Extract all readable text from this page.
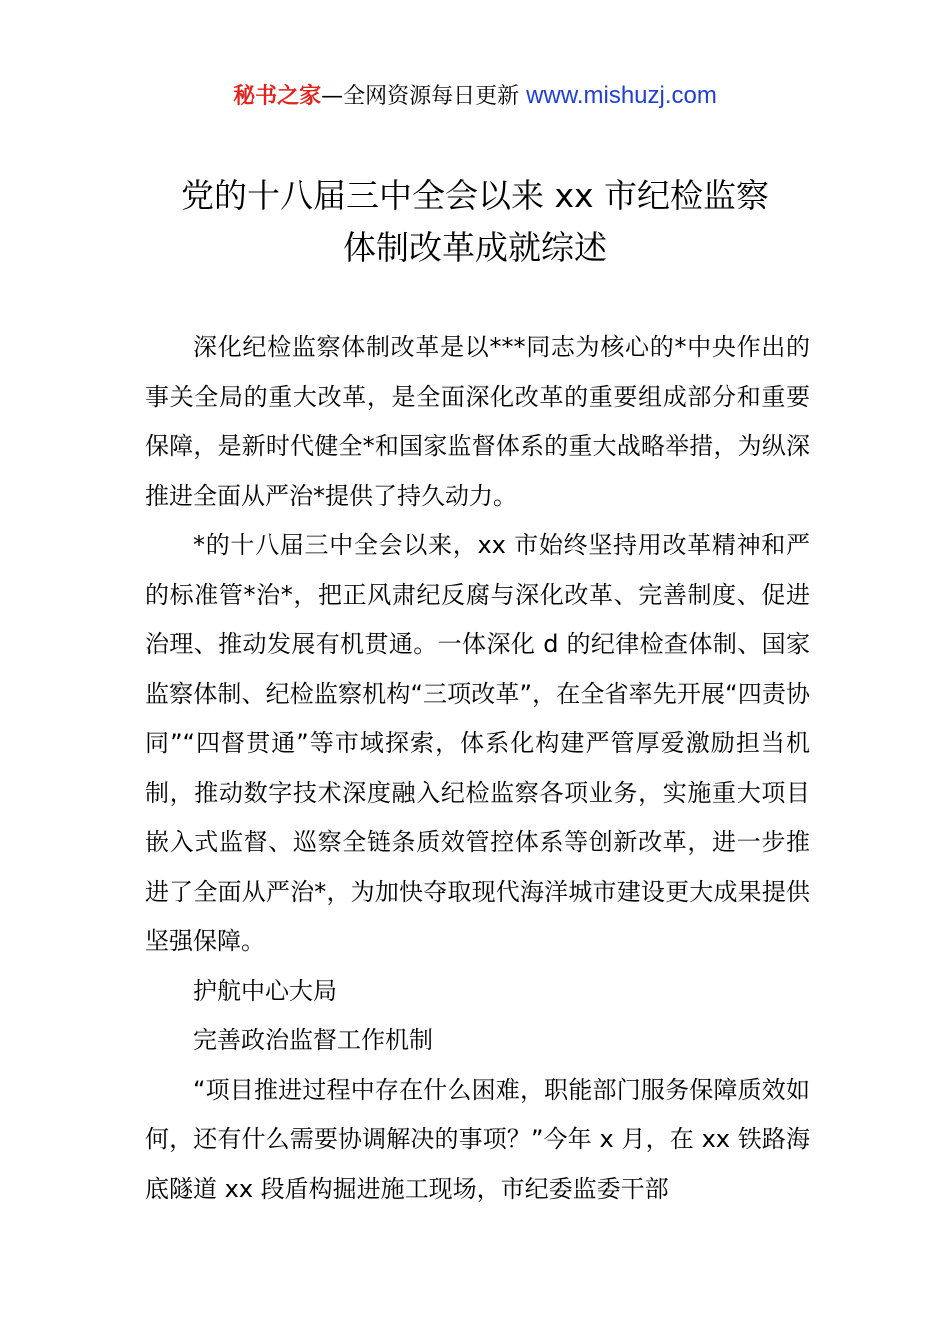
秘书之家—全网资源每日更新 www.mishuzj.com
党的十八届三中全会以来 xx 市纪检监察
体制改革成就综述

深化纪检监察体制改革是以***同志为核心的*中央作出的事关全局的重大改革，是全面深化改革的重要组成部分和重要保障，是新时代健全*和国家监督体系的重大战略举措，为纵深推进全面从严治*提供了持久动力。

*的十八届三中全会以来，xx 市始终坚持用改革精神和严的标准管*治*，把正风肃纪反腐与深化改革、完善制度、促进治理、推动发展有机贯通。一体深化 d 的纪律检查体制、国家监察体制、纪检监察机构“三项改革”，在全省率先开展“四责协同”“四督贯通”等市域探索，体系化构建严管厚爱激励担当机制，推动数字技术深度融入纪检监察各项业务，实施重大项目嵌入式监督、巡察全链条质效管控体系等创新改革，进一步推进了全面从严治*，为加快夺取现代海洋城市建设更大成果提供坚强保障。

护航中心大局

完善政治监督工作机制

“项目推进过程中存在什么困难，职能部门服务保障质效如何，还有什么需要协调解决的事项？”今年 x 月，在 xx 铁路海底隧道 xx 段盾构掘进施工现场，市纪委监委干部
